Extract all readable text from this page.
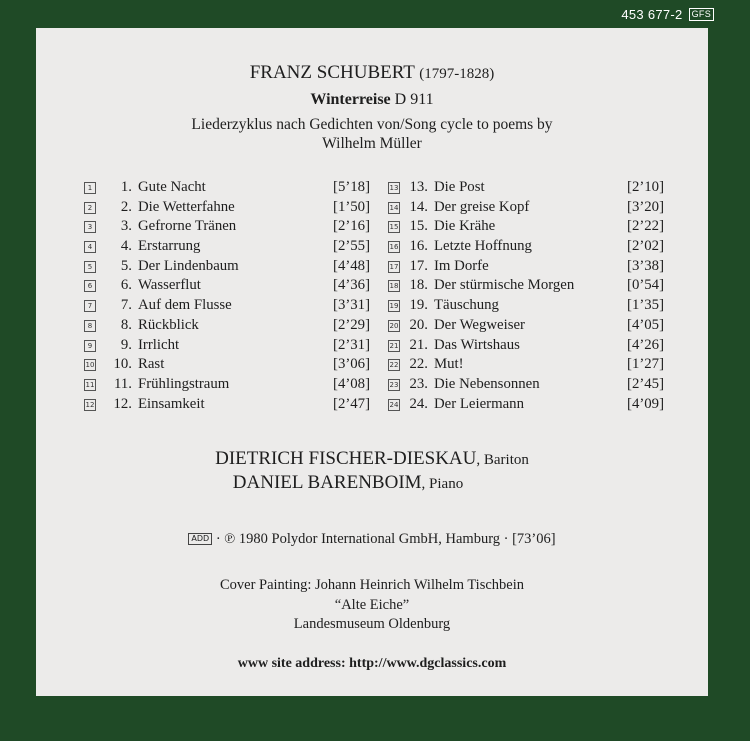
453 677-2	GFS
FRANZ SCHUBERT (1797-1828)
Winterreise D 911
Liederzyklus nach Gedichten von/Song cycle to poems by
Wilhelm Müller
1	1. Gute Nacht	[5’18]
2	2. Die Wetterfahne	[1’50]
3	3. Gefrorne Tränen	[2’16]
4	4. Erstarrung	[2’55]
5	5. Der Lindenbaum	[4’48]
6	6. Wasserflut	[4’36]
7	7. Auf dem Flusse	[3’31]
8	8. Rückblick	[2’29]
9	9. Irrlicht	[2’31]
10	10. Rast	[3’06]
11	11. Frühlingstraum	[4’08]
12	12. Einsamkeit	[2’47]
13 13. Die Post	[2’10]
14 14. Der greise Kopf	[3’20]
15 15. Die Krähe	[2’22]
16 16. Letzte Hoffnung	[2’02]
17 17. Im Dorfe	[3’38]
18 18. Der stürmische Morgen	[0’54]
19 19. Täuschung	[1’35]
20 20. Der Wegweiser	[4’05]
21 21. Das Wirtshaus	[4’26]
22 22. Mut!	[1’27]
23 23. Die Nebensonnen	[2’45]
24 24. Der Leiermann	[4’09]
DIETRICH FISCHER-DIESKAU, Bariton
DANIEL BARENBOIM, Piano
ADD · ℗ 1980 Polydor International GmbH, Hamburg · [73’06]
Cover Painting: Johann Heinrich Wilhelm Tischbein
“Alte Eiche”
Landesmuseum Oldenburg
www site address: http://www.dgclassics.com
